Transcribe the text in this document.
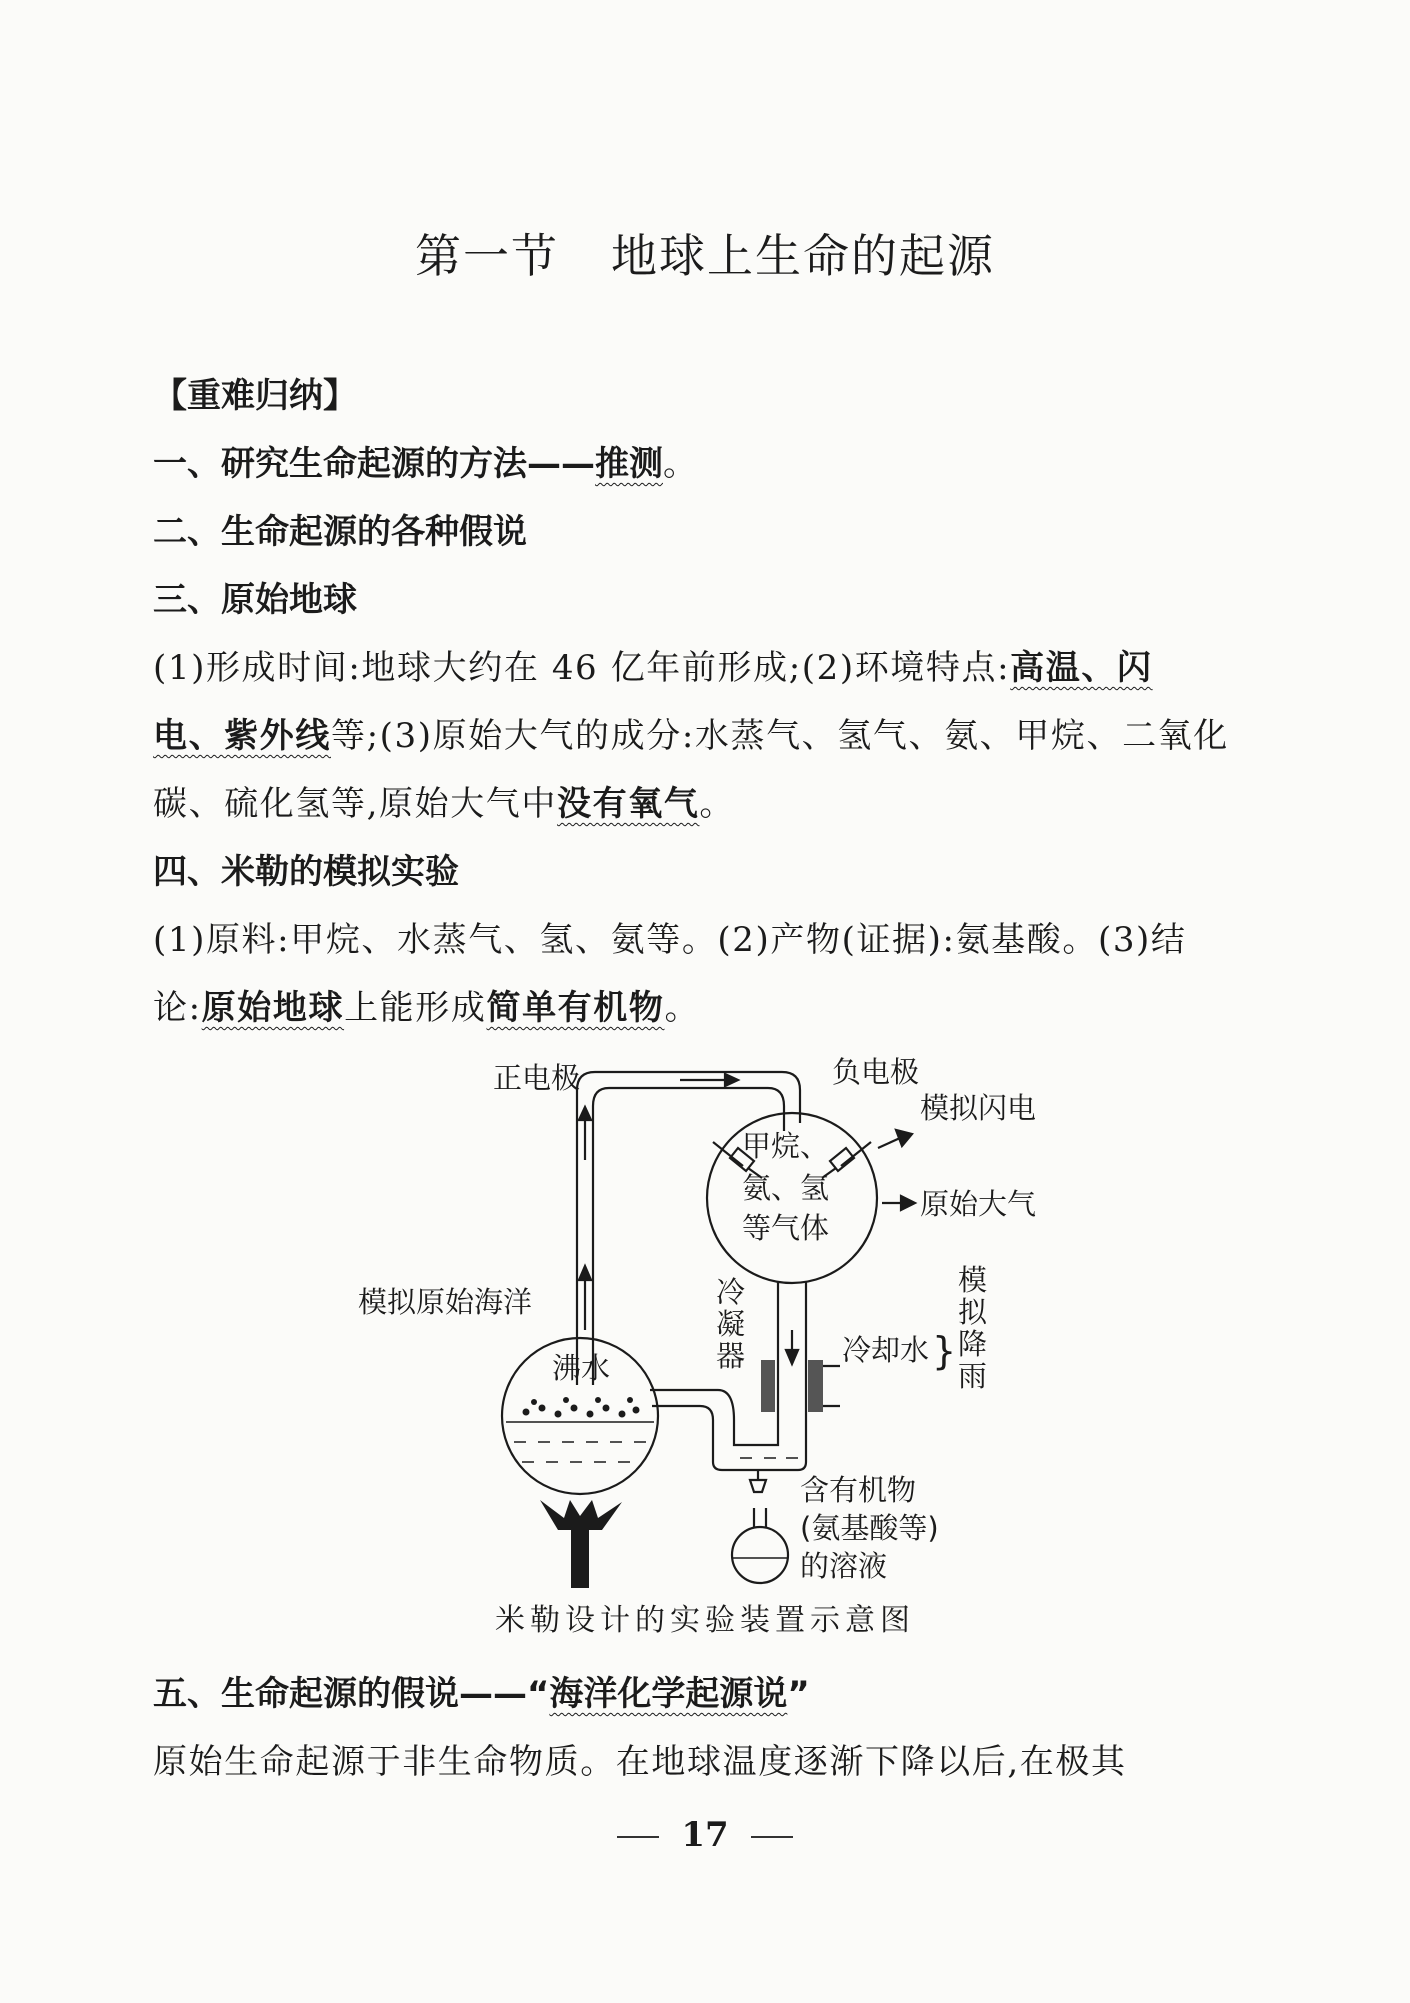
第一节 地球上生命的起源

【重难归纳】

一、研究生命起源的方法——推测。

二、生命起源的各种假说

三、原始地球

(1)形成时间:地球大约在 46 亿年前形成;(2)环境特点:高温、闪

电、紫外线等;(3)原始大气的成分:水蒸气、氢气、氨、甲烷、二氧化

碳、硫化氢等,原始大气中没有氧气。

四、米勒的模拟实验

(1)原料:甲烷、水蒸气、氢、氨等。(2)产物(证据):氨基酸。(3)结

论:原始地球上能形成简单有机物。

正电极	负电极
模拟闪电
甲烷、
氨、氢
等气体
原始大气
模拟原始海洋
沸水
冷
凝
器	冷却水 }
模
拟
降
雨
含有机物
(氨基酸等)
的溶液
米勒设计的实验装置示意图

五、生命起源的假说——“海洋化学起源说”

原始生命起源于非生命物质。在地球温度逐渐下降以后,在极其

17
